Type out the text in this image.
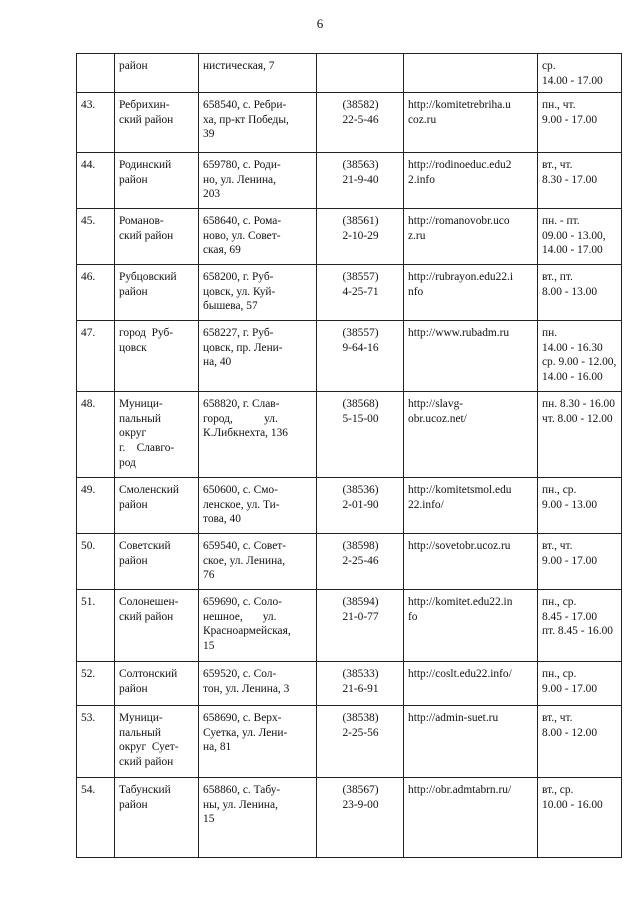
6

	район	нистическая, 7			ср.
14.00 - 17.00

43.	Ребрихин-
ский район	658540, с. Ребри-
ха, пр-кт Победы,
39	(38582)
22-5-46	http://komitetrebriha.u
coz.ru	пн., чт.
9.00 - 17.00

44.	Родинский
район	659780, с. Роди-
но, ул. Ленина,
203	(38563)
21-9-40	http://rodinoeduc.edu2
2.info	вт., чт.
8.30 - 17.00

45.	Романов-
ский район	658640, с. Рома-
ново, ул. Совет-
ская, 69	(38561)
2-10-29	http://romanovobr.uco
z.ru	пн. - пт.
09.00 - 13.00,
14.00 - 17.00

46.	Рубцовский
район	658200, г. Руб-
цовск, ул. Куй-
бышева, 57	(38557)
4-25-71	http://rubrayon.edu22.i
nfo	вт., пт.
8.00 - 13.00

47.	город  Руб-
цовск	658227, г. Руб-
цовск, пр. Лени-
на, 40	(38557)
9-64-16	http://www.rubadm.ru	пн.
14.00 - 16.30
ср. 9.00 - 12.00,
14.00 - 16.00

48.	Муници-
пальный
округ
г.    Славго-
род	658820, г. Слав-
город,           ул.
К.Либкнехта, 136	(38568)
5-15-00	http://slavg-
obr.ucoz.net/	пн. 8.30 - 16.00
чт. 8.00 - 12.00

49.	Смоленский
район	650600, с. Смо-
ленское, ул. Ти-
това, 40	(38536)
2-01-90	http://komitetsmol.edu
22.info/	пн., ср.
9.00 - 13.00

50.	Советский
район	659540, с. Совет-
ское, ул. Ленина,
76	(38598)
2-25-46	http://sovetobr.ucoz.ru	вт., чт.
9.00 - 17.00

51.	Солонешен-
ский район	659690, с. Соло-
нешное,       ул.
Красноармейская,
15	(38594)
21-0-77	http://komitet.edu22.in
fo	пн., ср.
8.45 - 17.00
пт. 8.45 - 16.00

52.	Солтонский
район	659520, с. Сол-
тон, ул. Ленина, 3	(38533)
21-6-91	http://coslt.edu22.info/	пн., ср.
9.00 - 17.00

53.	Муници-
пальный
округ  Сует-
ский район	658690, с. Верх-
Суетка, ул. Лени-
на, 81	(38538)
2-25-56	http://admin-suet.ru	вт., чт.
8.00 - 12.00

54.	Табунский
район	658860, с. Табу-
ны, ул. Ленина,
15	(38567)
23-9-00	http://obr.admtabrn.ru/	вт., ср.
10.00 - 16.00
